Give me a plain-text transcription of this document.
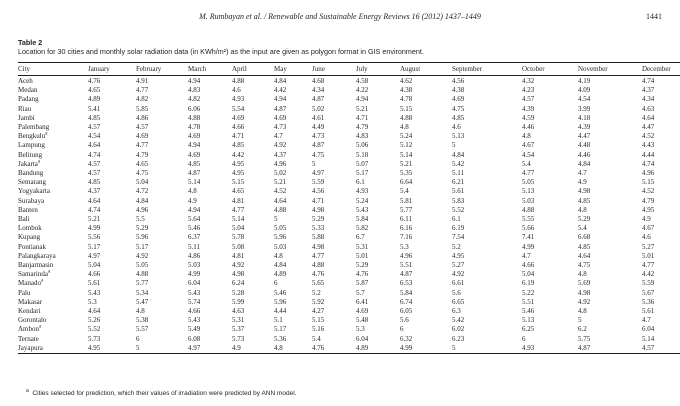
M. Rumbayan et al. / Renewable and Sustainable Energy Reviews 16 (2012) 1437–1449	1441
Table 2
Location for 30 cities and monthly solar radiation data (in KWh/m²) as the input are given as polygon format in GIS environment.
City	January	February	March	April	May	June	July	August	September	October	November	December
Aceh	4.76	4.91	4.94	4.88	4.84	4.68	4.58	4.62	4.56	4.32	4.19	4.74
Medan	4.65	4.77	4.83	4.6	4.42	4.34	4.22	4.38	4.38	4.23	4.09	4.37
Padang	4.89	4.82	4.82	4.93	4.94	4.87	4.94	4.78	4.69	4.57	4.54	4.34
Riau	5.41	5.85	6.06	5.54	4.87	5.02	5.21	5.15	4.75	4.39	3.99	4.63
Jambi	4.85	4.86	4.88	4.69	4.69	4.61	4.71	4.88	4.85	4.59	4.18	4.64
Palembang	4.57	4.57	4.78	4.66	4.73	4.49	4.79	4.8	4.6	4.46	4.39	4.47
Bengkulu$^a$	4.54	4.69	4.69	4.71	4.7	4.73	4.83	5.24	5.13	4.8	4.47	4.52
Lampung	4.64	4.77	4.94	4.85	4.92	4.87	5.06	5.12	5	4.67	4.48	4.43
Belitung	4.74	4.79	4.69	4.42	4.37	4.75	5.18	5.14	4.84	4.54	4.46	4.44
Jakarta$^a$	4.57	4.65	4.85	4.95	4.96	5	5.07	5.21	5.42	5.4	4.84	4.74
Bandung	4.57	4.75	4.87	4.95	5.02	4.97	5.17	5.35	5.11	4.77	4.7	4.96
Semarang	4.85	5.04	5.14	5.15	5.21	5.59	6.1	6.64	6.21	5.05	4.9	5.15
Yogyakarta	4.37	4.72	4.8	4.65	4.52	4.56	4.93	5.4	5.61	5.13	4.98	4.52
Surabaya	4.64	4.84	4.9	4.81	4.64	4.71	5.24	5.81	5.83	5.03	4.85	4.79
Banten	4.74	4.96	4.94	4.77	4.88	4.98	5.43	5.77	5.52	4.88	4.8	4.95
Bali	5.21	5.5	5.64	5.14	5	5.29	5.84	6.11	6.1	5.55	5.29	4.9
Lombok	4.99	5.29	5.46	5.04	5.05	5.33	5.82	6.16	6.19	5.66	5.4	4.67
Kupang	5.56	5.96	6.37	5.78	5.96	5.88	6.7	7.16	7.54	7.41	6.68	4.6
Pontianak	5.17	5.17	5.11	5.08	5.03	4.98	5.31	5.3	5.2	4.99	4.85	5.27
Palangkaraya	4.97	4.92	4.86	4.81	4.8	4.77	5.01	4.96	4.95	4.7	4.64	5.01
Banjarmasin	5.04	5.05	5.03	4.92	4.84	4.88	5.29	5.51	5.27	4.66	4.75	4.77
Samarinda$^a$	4.66	4.88	4.99	4.98	4.89	4.76	4.76	4.87	4.92	5.04	4.8	4.42
Manado$^a$	5.61	5.77	6.04	6.24	6	5.65	5.87	6.53	6.61	6.19	5.69	5.59
Palu	5.43	5.34	5.43	5.28	5.46	5.2	5.7	5.84	5.6	5.22	4.98	5.67
Makasar	5.3	5.47	5.74	5.99	5.96	5.92	6.41	6.74	6.65	5.51	4.92	5.36
Kendari	4.64	4.8	4.66	4.63	4.44	4.27	4.69	6.05	6.3	5.46	4.8	5.61
Gorontalo	5.26	5.38	5.43	5.31	5.1	5.15	5.48	5.6	5.42	5.13	5	4.7
Ambon$^a$	5.52	5.57	5.49	5.37	5.17	5.16	5.3	6	6.02	6.25	6.2	6.04
Ternate	5.73	6	6.08	5.73	5.36	5.4	6.04	6.32	6.23	6	5.75	5.14
Jayapura	4.95	5	4.97	4.9	4.8	4.76	4.89	4.99	5	4.93	4.87	4.57
$^a$ Cities selected for prediction, which their values of irradiation were predicted by ANN model.
